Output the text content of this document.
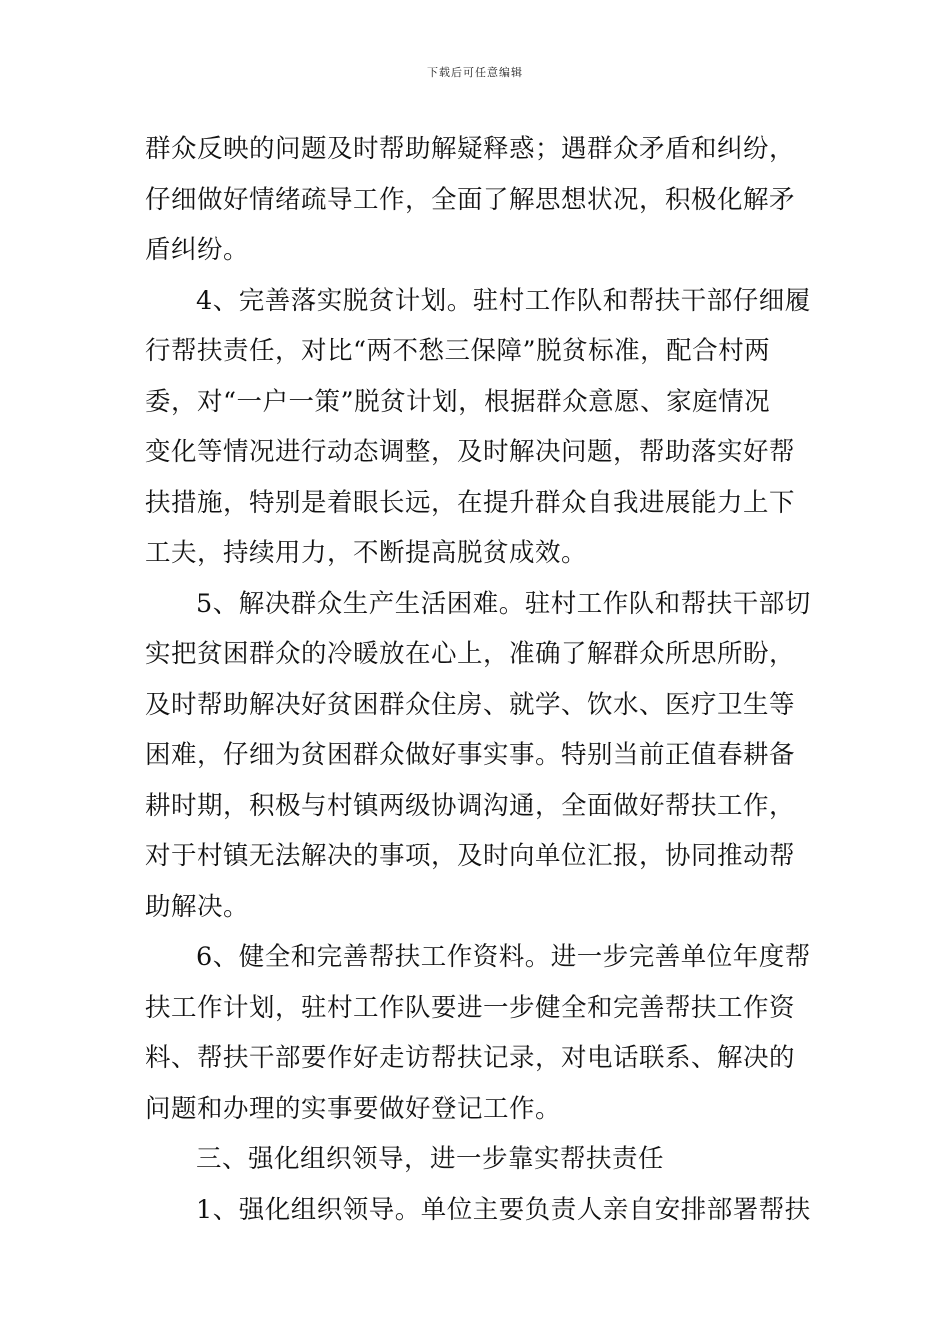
下载后可任意编辑
群众反映的问题及时帮助解疑释惑；遇群众矛盾和纠纷，
仔细做好情绪疏导工作，全面了解思想状况，积极化解矛
盾纠纷。
4、完善落实脱贫计划。驻村工作队和帮扶干部仔细履
行帮扶责任，对比“两不愁三保障”脱贫标准，配合村两
委，对“一户一策”脱贫计划，根据群众意愿、家庭情况
变化等情况进行动态调整，及时解决问题，帮助落实好帮
扶措施，特别是着眼长远，在提升群众自我进展能力上下
工夫，持续用力，不断提高脱贫成效。
5、解决群众生产生活困难。驻村工作队和帮扶干部切
实把贫困群众的冷暖放在心上，准确了解群众所思所盼，
及时帮助解决好贫困群众住房、就学、饮水、医疗卫生等
困难，仔细为贫困群众做好事实事。特别当前正值春耕备
耕时期，积极与村镇两级协调沟通，全面做好帮扶工作，
对于村镇无法解决的事项，及时向单位汇报，协同推动帮
助解决。
6、健全和完善帮扶工作资料。进一步完善单位年度帮
扶工作计划，驻村工作队要进一步健全和完善帮扶工作资
料、帮扶干部要作好走访帮扶记录，对电话联系、解决的
问题和办理的实事要做好登记工作。
三、强化组织领导，进一步靠实帮扶责任
1、强化组织领导。单位主要负责人亲自安排部署帮扶
